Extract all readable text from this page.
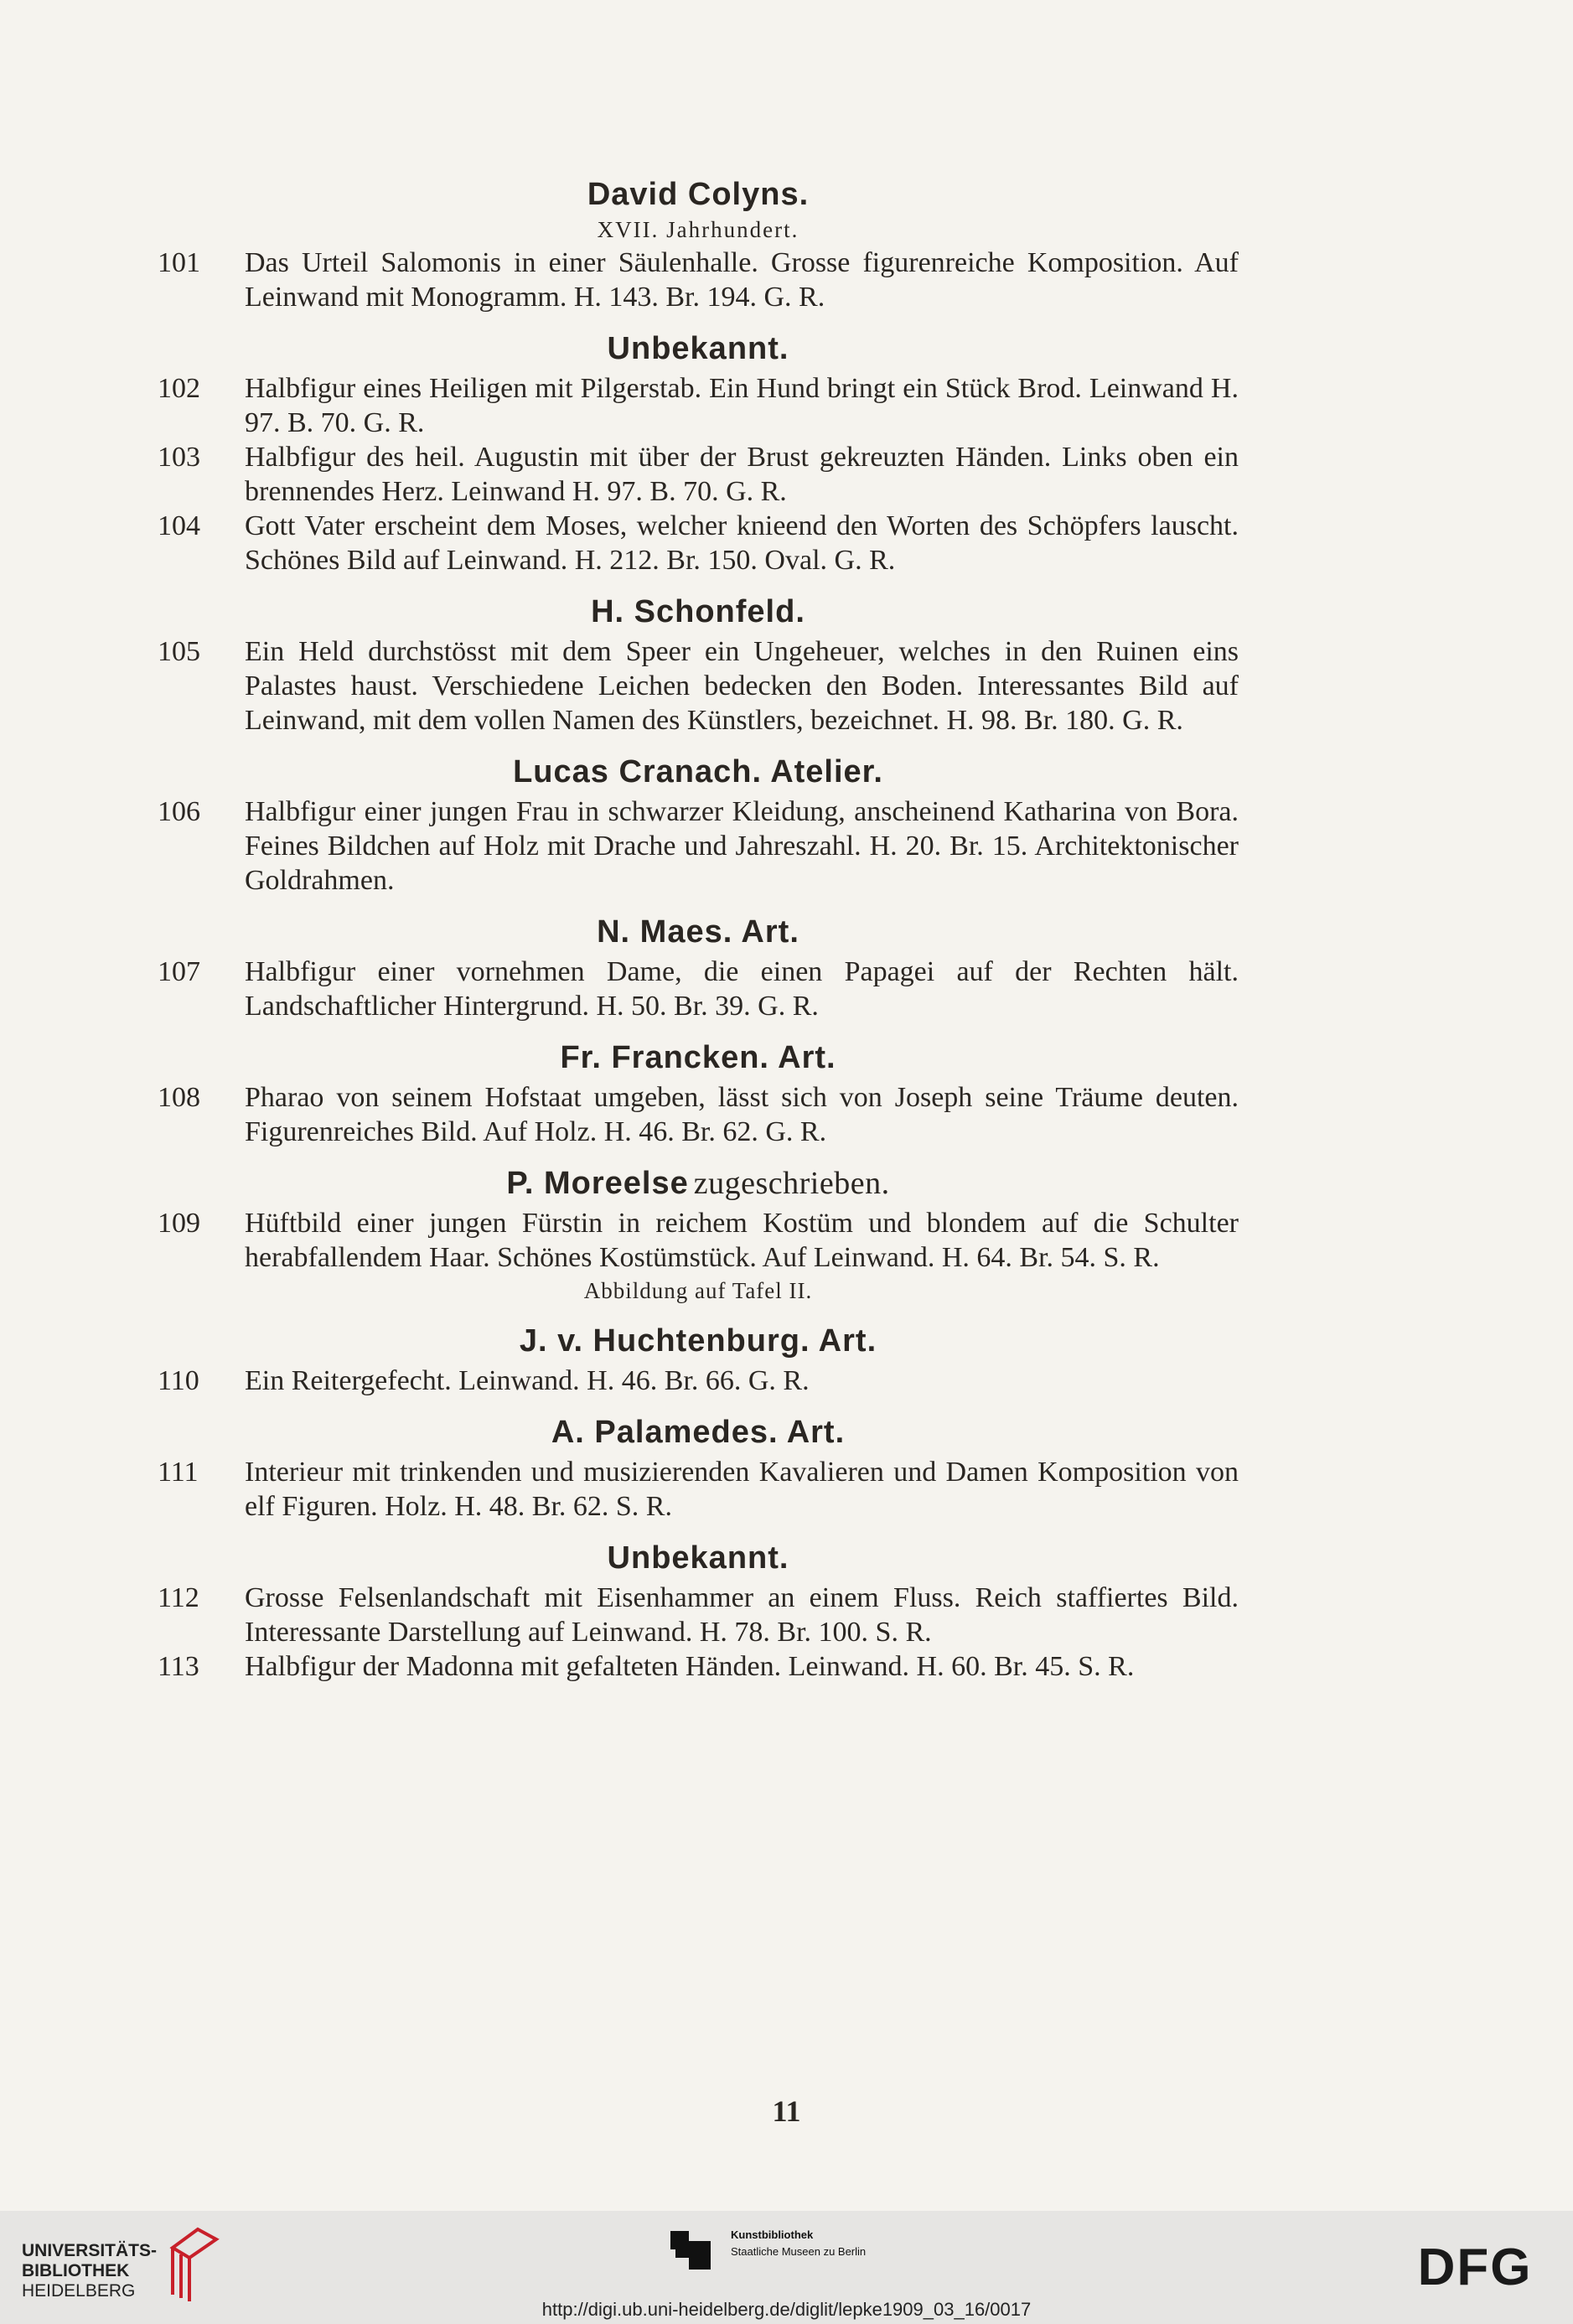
David Colyns.
XVII. Jahrhundert.
101	Das Urteil Salomonis in einer Säulenhalle. Grosse figurenreiche Komposition. Auf Leinwand mit Monogramm. H. 143. Br. 194. G. R.
Unbekannt.
102	Halbfigur eines Heiligen mit Pilgerstab. Ein Hund bringt ein Stück Brod. Leinwand H. 97. B. 70. G. R.
103	Halbfigur des heil. Augustin mit über der Brust gekreuzten Händen. Links oben ein brennendes Herz. Leinwand H. 97. B. 70. G. R.
104	Gott Vater erscheint dem Moses, welcher knieend den Worten des Schöpfers lauscht. Schönes Bild auf Leinwand. H. 212. Br. 150. Oval. G. R.
H. Schonfeld.
105	Ein Held durchstösst mit dem Speer ein Ungeheuer, welches in den Ruinen eins Palastes haust. Verschiedene Leichen bedecken den Boden. Interessantes Bild auf Leinwand, mit dem vollen Namen des Künstlers, bezeichnet. H. 98. Br. 180. G. R.
Lucas Cranach. Atelier.
106	Halbfigur einer jungen Frau in schwarzer Kleidung, anscheinend Katharina von Bora. Feines Bildchen auf Holz mit Drache und Jahreszahl. H. 20. Br. 15. Architektonischer Goldrahmen.
N. Maes. Art.
107	Halbfigur einer vornehmen Dame, die einen Papagei auf der Rechten hält. Landschaftlicher Hintergrund. H. 50. Br. 39. G. R.
Fr. Francken. Art.
108	Pharao von seinem Hofstaat umgeben, lässt sich von Joseph seine Träume deuten. Figurenreiches Bild. Auf Holz. H. 46. Br. 62. G. R.
P. Moreelse zugeschrieben.
109	Hüftbild einer jungen Fürstin in reichem Kostüm und blondem auf die Schulter herabfallendem Haar. Schönes Kostümstück. Auf Leinwand. H. 64. Br. 54. S. R.
Abbildung auf Tafel II.
J. v. Huchtenburg. Art.
110	Ein Reitergefecht. Leinwand. H. 46. Br. 66. G. R.
A. Palamedes. Art.
111	Interieur mit trinkenden und musizierenden Kavalieren und Damen Komposition von elf Figuren. Holz. H. 48. Br. 62. S. R.
Unbekannt.
112	Grosse Felsenlandschaft mit Eisenhammer an einem Fluss. Reich staffiertes Bild. Interessante Darstellung auf Leinwand. H. 78. Br. 100. S. R.
113	Halbfigur der Madonna mit gefalteten Händen. Leinwand. H. 60. Br. 45. S. R.
11
UNIVERSITÄTS-
BIBLIOTHEK
HEIDELBERG
Kunstbibliothek
Staatliche Museen zu Berlin	DFG
http://digi.ub.uni-heidelberg.de/diglit/lepke1909_03_16/0017
